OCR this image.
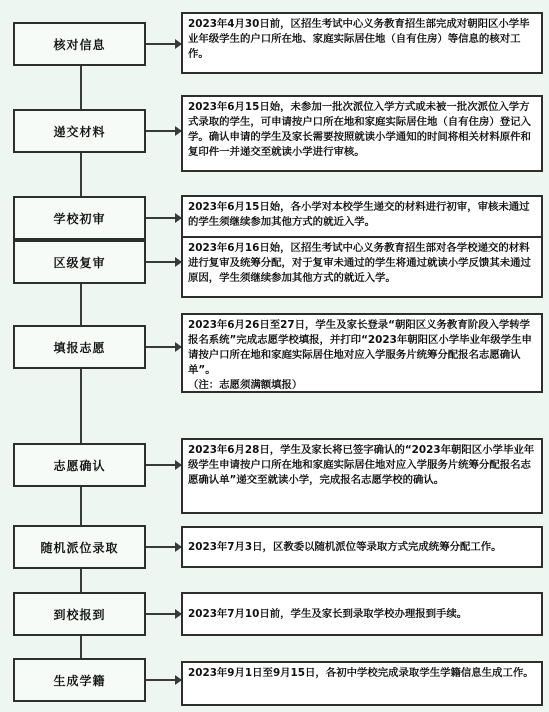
核对信息
2023年4月30日前，区招生考试中心义务教育招生部完成对朝阳区小学毕业年级学生的户口所在地、家庭实际居住地（自有住房）等信息的核对工作。
递交材料
2023年6月15日始，未参加一批次派位入学方式或未被一批次派位入学方式录取的学生，可申请按户口所在地和家庭实际居住地（自有住房）登记入学。确认申请的学生及家长需要按照就读小学通知的时间将相关材料原件和复印件一并递交至就读小学进行审核。
学校初审
2023年6月15日始，各小学对本校学生递交的材料进行初审，审核未通过的学生须继续参加其他方式的就近入学。
区级复审
2023年6月16日始，区招生考试中心义务教育招生部对各学校递交的材料进行复审及统筹分配，对于复审未通过的学生将通过就读小学反馈其未通过原因，学生须继续参加其他方式的就近入学。
填报志愿
2023年6月26日至27日，学生及家长登录“朝阳区义务教育阶段入学转学报名系统”完成志愿学校填报，并打印“2023年朝阳区小学毕业年级学生申请按户口所在地和家庭实际居住地对应入学服务片统筹分配报名志愿确认单”。
（注：志愿须满额填报）
志愿确认
2023年6月28日，学生及家长将已签字确认的“2023年朝阳区小学毕业年级学生申请按户口所在地和家庭实际居住地对应入学服务片统筹分配报名志愿确认单”递交至就读小学，完成报名志愿学校的确认。
随机派位录取	2023年7月3日，区教委以随机派位等录取方式完成统筹分配工作。
到校报到	2023年7月10日前，学生及家长到录取学校办理报到手续。
生成学籍
2023年9月1日至9月15日，各初中学校完成录取学生学籍信息生成工作。
